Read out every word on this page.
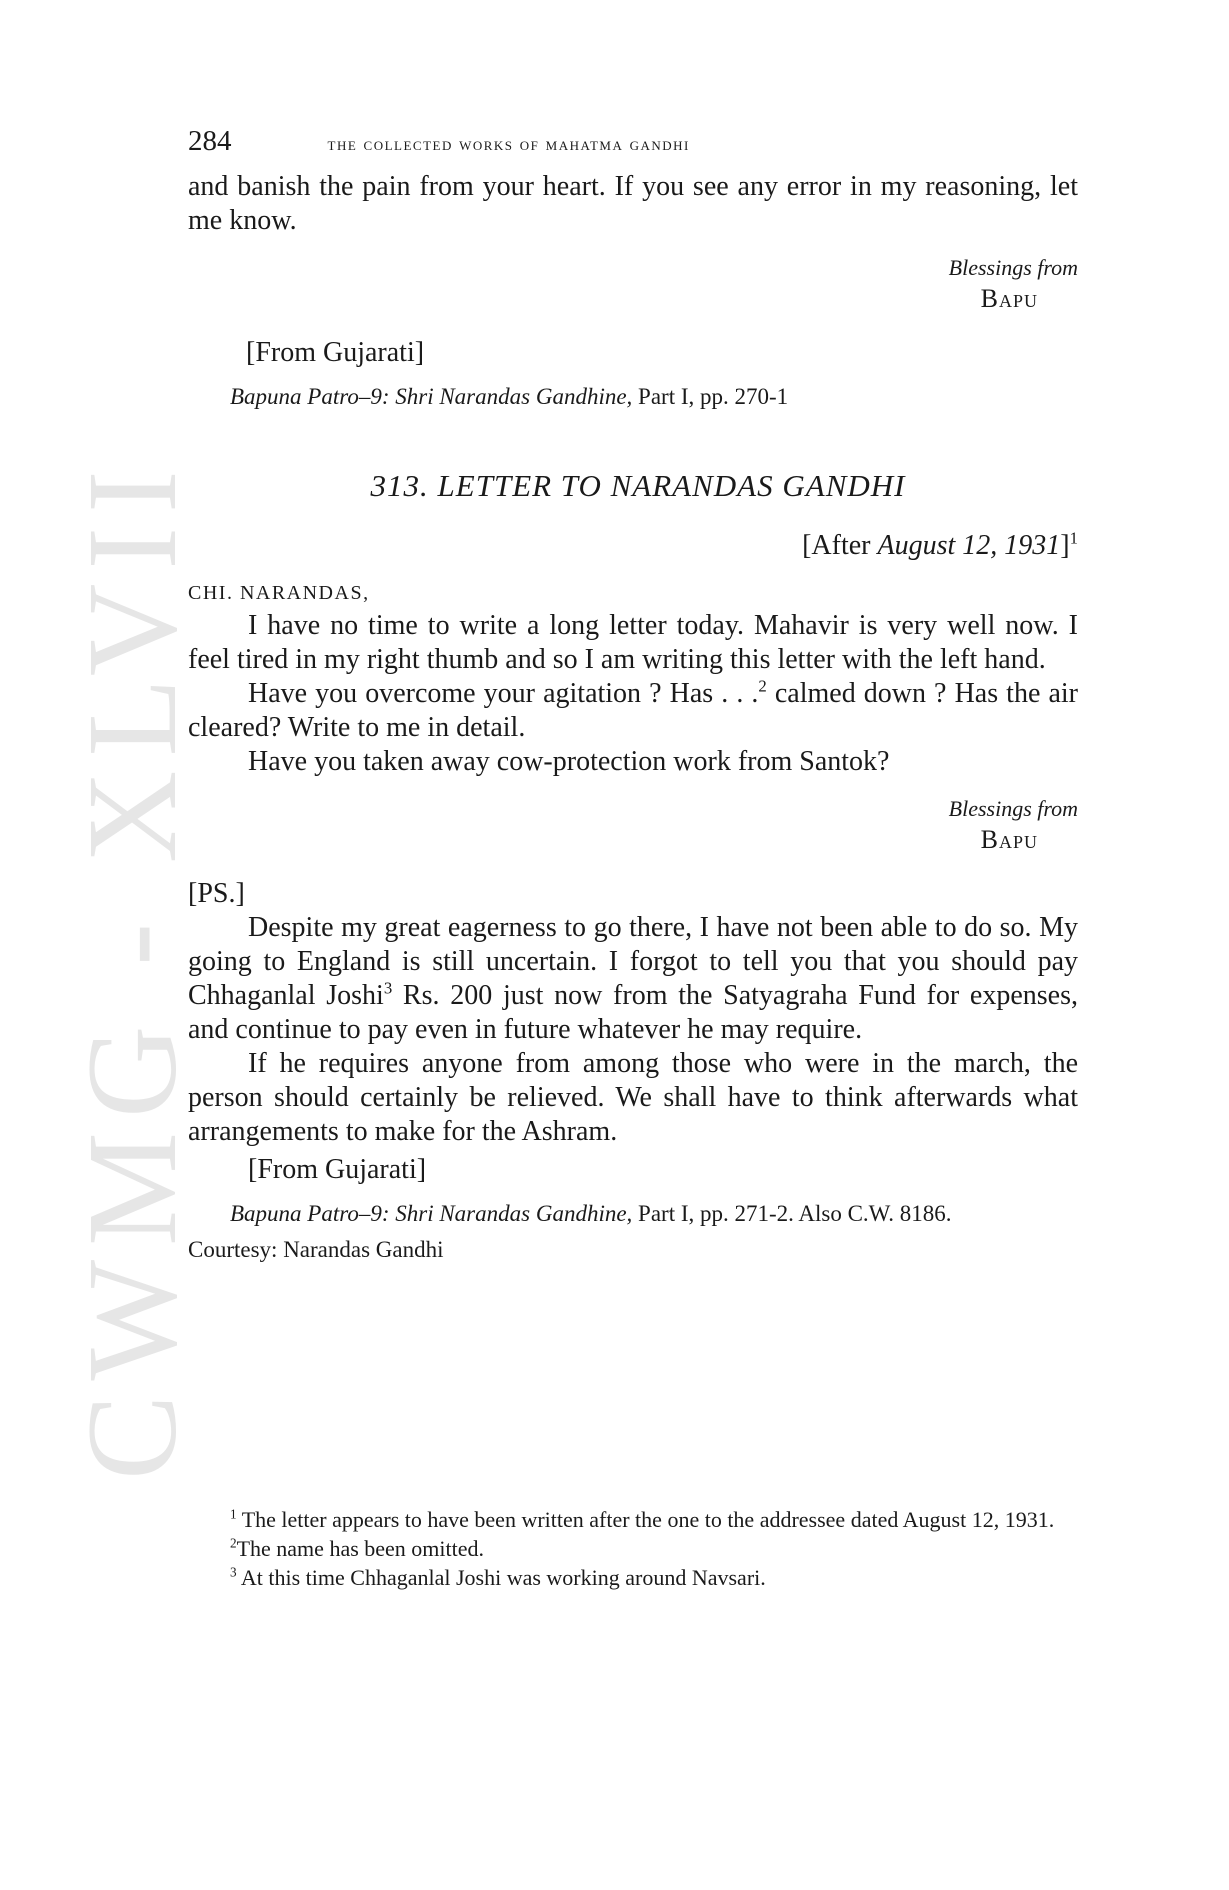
CWMG - XLVII
284	the collected works of mahatma gandhi

and banish the pain from your heart. If you see any error in my reasoning, let me know.

Blessings from

Bapu

[From Gujarati]

Bapuna Patro–9: Shri Narandas Gandhine, Part I, pp. 270-1

313. LETTER TO NARANDAS GANDHI

[After August 12, 1931]$^1$

CHI. NARANDAS,

I have no time to write a long letter today. Mahavir is very well now. I feel tired in my right thumb and so I am writing this letter with the left hand.

Have you overcome your agitation ? Has . . .$^2$ calmed down ? Has the air cleared? Write to me in detail.

Have you taken away cow-protection work from Santok?

Blessings from

Bapu

[PS.]

Despite my great eagerness to go there, I have not been able to do so. My going to England is still uncertain. I forgot to tell you that you should pay Chhaganlal Joshi$^3$ Rs. 200 just now from the Satyagraha Fund for expenses, and continue to pay even in future whatever he may require.

If he requires anyone from among those who were in the march, the person should certainly be relieved. We shall have to think afterwards what arrangements to make for the Ashram.

[From Gujarati]

Bapuna Patro–9: Shri Narandas Gandhine, Part I, pp. 271-2. Also C.W. 8186.

Courtesy: Narandas Gandhi

$^1$ The letter appears to have been written after the one to the addressee dated August 12, 1931.

$^2$The name has been omitted.

$^3$ At this time Chhaganlal Joshi was working around Navsari.
